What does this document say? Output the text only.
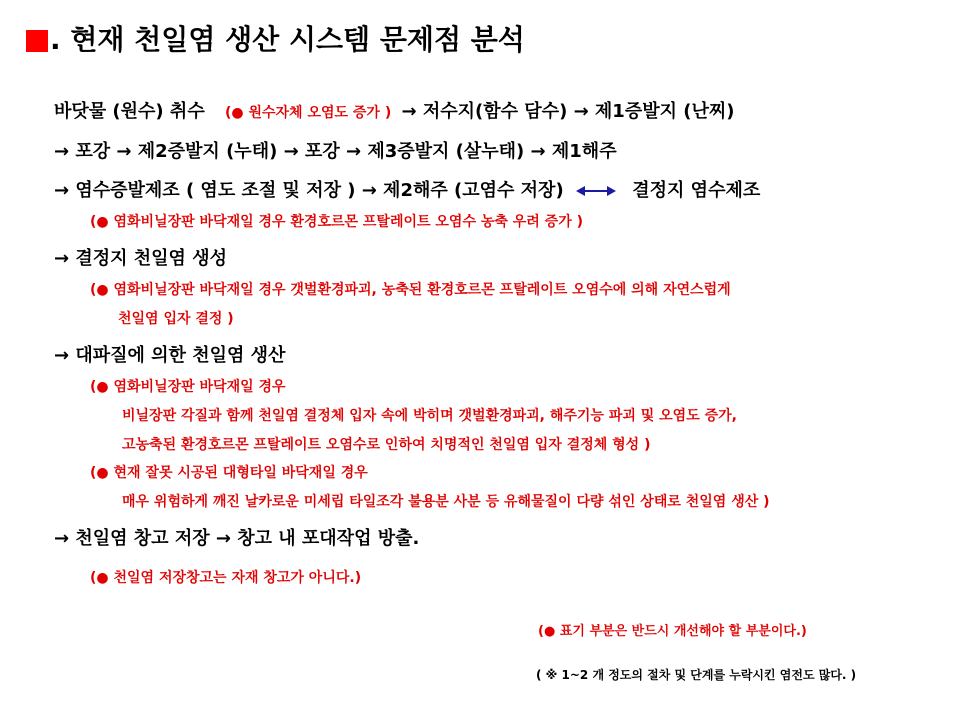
. 현재 천일염 생산 시스템 문제점 분석
바닷물 (원수) 취수 (● 원수자체 오염도 증가 ) → 저수지(함수 담수) → 제1증발지 (난찌)
→ 포강 → 제2증발지 (누태) → 포강 → 제3증발지 (살누태) → 제1해주
→ 염수증발제조 ( 염도 조절 및 저장 ) → 제2해주 (고염수 저장)	결정지 염수제조
(● 염화비닐장판 바닥재일 경우 환경호르몬 프탈레이트 오염수 농축 우려 증가 )
→ 결정지 천일염 생성
(● 염화비닐장판 바닥재일 경우 갯벌환경파괴, 농축된 환경호르몬 프탈레이트 오염수에 의해 자연스럽게
천일염 입자 결정 )
→ 대파질에 의한 천일염 생산
(● 염화비닐장판 바닥재일 경우
비닐장판 각질과 함께 천일염 결정체 입자 속에 박히며 갯벌환경파괴, 해주기능 파괴 및 오염도 증가,
고농축된 환경호르몬 프탈레이트 오염수로 인하여 치명적인 천일염 입자 결정체 형성 )
(● 현재 잘못 시공된 대형타일 바닥재일 경우
매우 위험하게 깨진 날카로운 미세립 타일조각 불용분 사분 등 유해물질이 다량 섞인 상태로 천일염 생산 )
→ 천일염 창고 저장 → 창고 내 포대작업 방출.
(● 천일염 저장창고는 자재 창고가 아니다.)
(● 표기 부분은 반드시 개선해야 할 부분이다.)
( ※ 1~2 개 정도의 절차 및 단계를 누락시킨 염전도 많다. )
